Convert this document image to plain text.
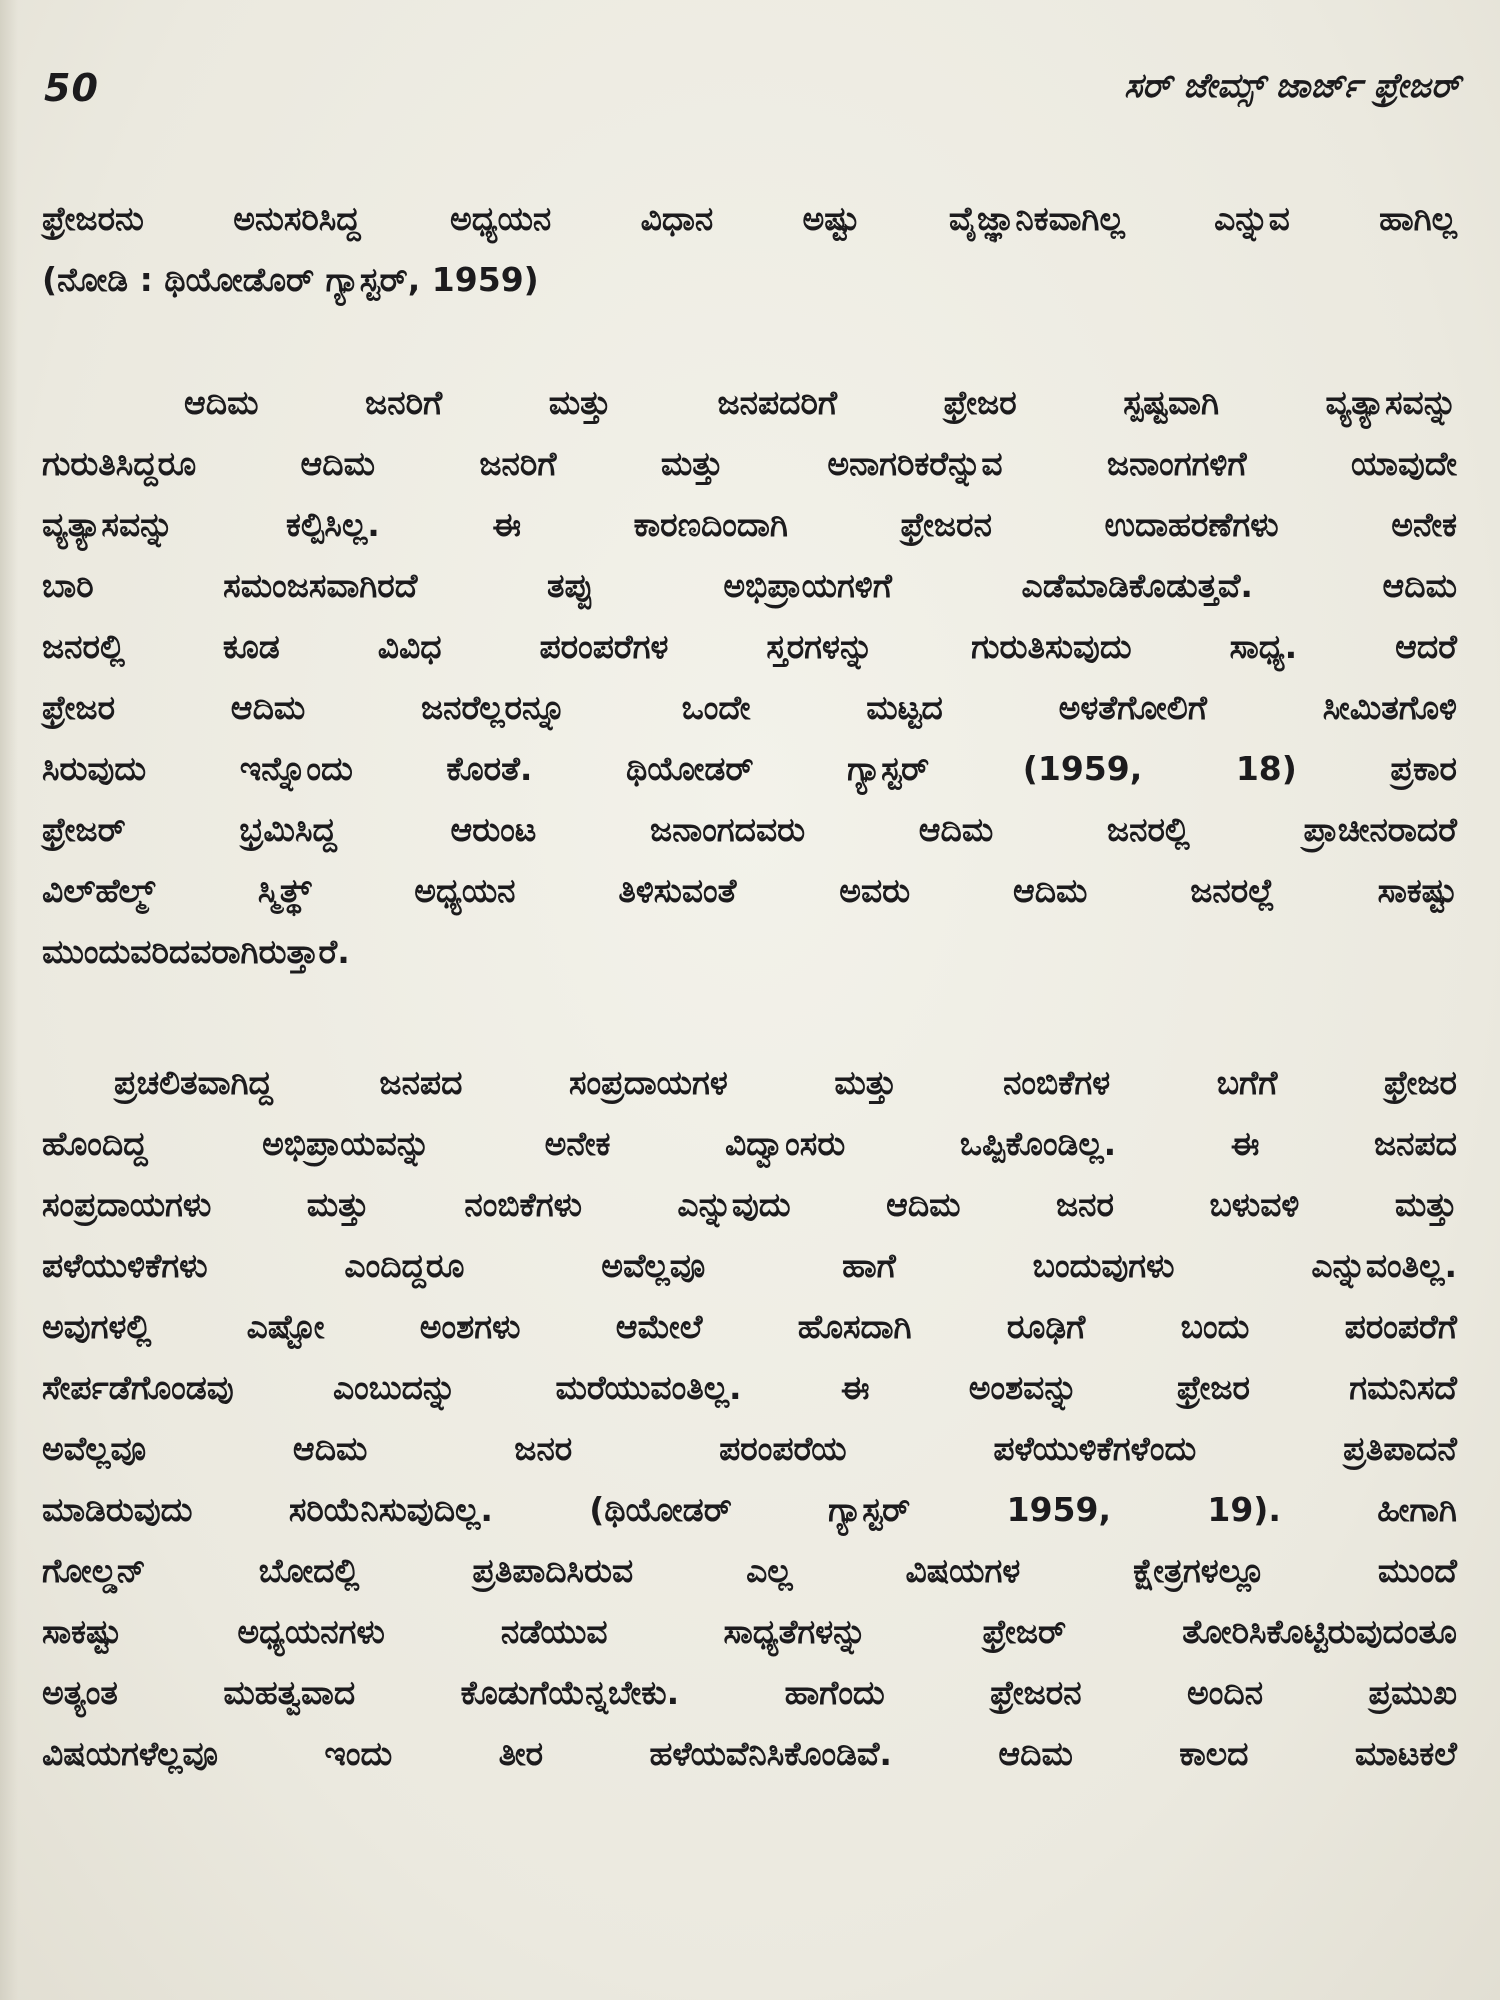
50	ಸರ್ ಜೇಮ್ಸ್ ಜಾರ್ಜ್ ಫ್ರೇಜರ್
ಫ್ರೇಜರನು ಅನುಸರಿಸಿದ್ದ ಅಧ್ಯಯನ ವಿಧಾನ ಅಷ್ಟು ವೈಜ್ಞಾನಿಕವಾಗಿಲ್ಲ ಎನ್ನುವ ಹಾಗಿಲ್ಲ
(ನೋಡಿ : ಥಿಯೋಡೊರ್ ಗ್ಯಾಸ್ಟರ್, 1959)
ಆದಿಮ ಜನರಿಗೆ ಮತ್ತು ಜನಪದರಿಗೆ ಫ್ರೇಜರ ಸ್ಪಷ್ಟವಾಗಿ ವ್ಯತ್ಯಾಸವನ್ನು
ಗುರುತಿಸಿದ್ದರೂ ಆದಿಮ ಜನರಿಗೆ ಮತ್ತು ಅನಾಗರಿಕರೆನ್ನುವ ಜನಾಂಗಗಳಿಗೆ ಯಾವುದೇ
ವ್ಯತ್ಯಾಸವನ್ನು ಕಲ್ಪಿಸಿಲ್ಲ. ಈ ಕಾರಣದಿಂದಾಗಿ ಫ್ರೇಜರನ ಉದಾಹರಣೆಗಳು ಅನೇಕ
ಬಾರಿ ಸಮಂಜಸವಾಗಿರದೆ ತಪ್ಪು ಅಭಿಪ್ರಾಯಗಳಿಗೆ ಎಡೆಮಾಡಿಕೊಡುತ್ತವೆ. ಆದಿಮ
ಜನರಲ್ಲಿ ಕೂಡ ವಿವಿಧ ಪರಂಪರೆಗಳ ಸ್ತರಗಳನ್ನು ಗುರುತಿಸುವುದು ಸಾಧ್ಯ. ಆದರೆ
ಫ್ರೇಜರ ಆದಿಮ ಜನರೆಲ್ಲರನ್ನೂ ಒಂದೇ ಮಟ್ಟದ ಅಳತೆಗೋಲಿಗೆ ಸೀಮಿತಗೊಳಿ
ಸಿರುವುದು ಇನ್ನೊಂದು ಕೊರತೆ. ಥಿಯೋಡರ್ ಗ್ಯಾಸ್ಟರ್ (1959, 18) ಪ್ರಕಾರ
ಫ್ರೇಜರ್ ಭ್ರಮಿಸಿದ್ದ ಆರುಂಟ ಜನಾಂಗದವರು ಆದಿಮ ಜನರಲ್ಲಿ ಪ್ರಾಚೀನರಾದರೆ
ವಿಲ್‌ಹೆಲ್ಮ್ ಸ್ಮಿತ್ಥ್ ಅಧ್ಯಯನ ತಿಳಿಸುವಂತೆ ಅವರು ಆದಿಮ ಜನರಲ್ಲೆ ಸಾಕಷ್ಟು
ಮುಂದುವರಿದವರಾಗಿರುತ್ತಾರೆ.
ಪ್ರಚಲಿತವಾಗಿದ್ದ ಜನಪದ ಸಂಪ್ರದಾಯಗಳ ಮತ್ತು ನಂಬಿಕೆಗಳ ಬಗೆಗೆ ಫ್ರೇಜರ
ಹೊಂದಿದ್ದ ಅಭಿಪ್ರಾಯವನ್ನು ಅನೇಕ ವಿದ್ವಾಂಸರು ಒಪ್ಪಿಕೊಂಡಿಲ್ಲ. ಈ ಜನಪದ
ಸಂಪ್ರದಾಯಗಳು ಮತ್ತು ನಂಬಿಕೆಗಳು ಎನ್ನುವುದು ಆದಿಮ ಜನರ ಬಳುವಳಿ ಮತ್ತು
ಪಳೆಯುಳಿಕೆಗಳು ಎಂದಿದ್ದರೂ ಅವೆಲ್ಲವೂ ಹಾಗೆ ಬಂದುವುಗಳು ಎನ್ನುವಂತಿಲ್ಲ.
ಅವುಗಳಲ್ಲಿ ಎಷ್ಟೋ ಅಂಶಗಳು ಆಮೇಲೆ ಹೊಸದಾಗಿ ರೂಢಿಗೆ ಬಂದು ಪರಂಪರೆಗೆ
ಸೇರ್ಪಡೆಗೊಂಡವು ಎಂಬುದನ್ನು ಮರೆಯುವಂತಿಲ್ಲ. ಈ ಅಂಶವನ್ನು ಫ್ರೇಜರ ಗಮನಿಸದೆ
ಅವೆಲ್ಲವೂ ಆದಿಮ ಜನರ ಪರಂಪರೆಯ ಪಳೆಯುಳಿಕೆಗಳೆಂದು ಪ್ರತಿಪಾದನೆ
ಮಾಡಿರುವುದು ಸರಿಯೆನಿಸುವುದಿಲ್ಲ. (ಥಿಯೋಡರ್ ಗ್ಯಾಸ್ಟರ್ 1959, 19). ಹೀಗಾಗಿ
ಗೋಲ್ಡನ್ ಬೋದಲ್ಲಿ ಪ್ರತಿಪಾದಿಸಿರುವ ಎಲ್ಲ ವಿಷಯಗಳ ಕ್ಷೇತ್ರಗಳಲ್ಲೂ ಮುಂದೆ
ಸಾಕಷ್ಟು ಅಧ್ಯಯನಗಳು ನಡೆಯುವ ಸಾಧ್ಯತೆಗಳನ್ನು ಫ್ರೇಜರ್ ತೋರಿಸಿಕೊಟ್ಟಿರುವುದಂತೂ
ಅತ್ಯಂತ ಮಹತ್ವವಾದ ಕೊಡುಗೆಯೆನ್ನಬೇಕು. ಹಾಗೆಂದು ಫ್ರೇಜರನ ಅಂದಿನ ಪ್ರಮುಖ
ವಿಷಯಗಳೆಲ್ಲವೂ ಇಂದು ತೀರ ಹಳೆಯವೆನಿಸಿಕೊಂಡಿವೆ. ಆದಿಮ ಕಾಲದ ಮಾಟಕಲೆ
